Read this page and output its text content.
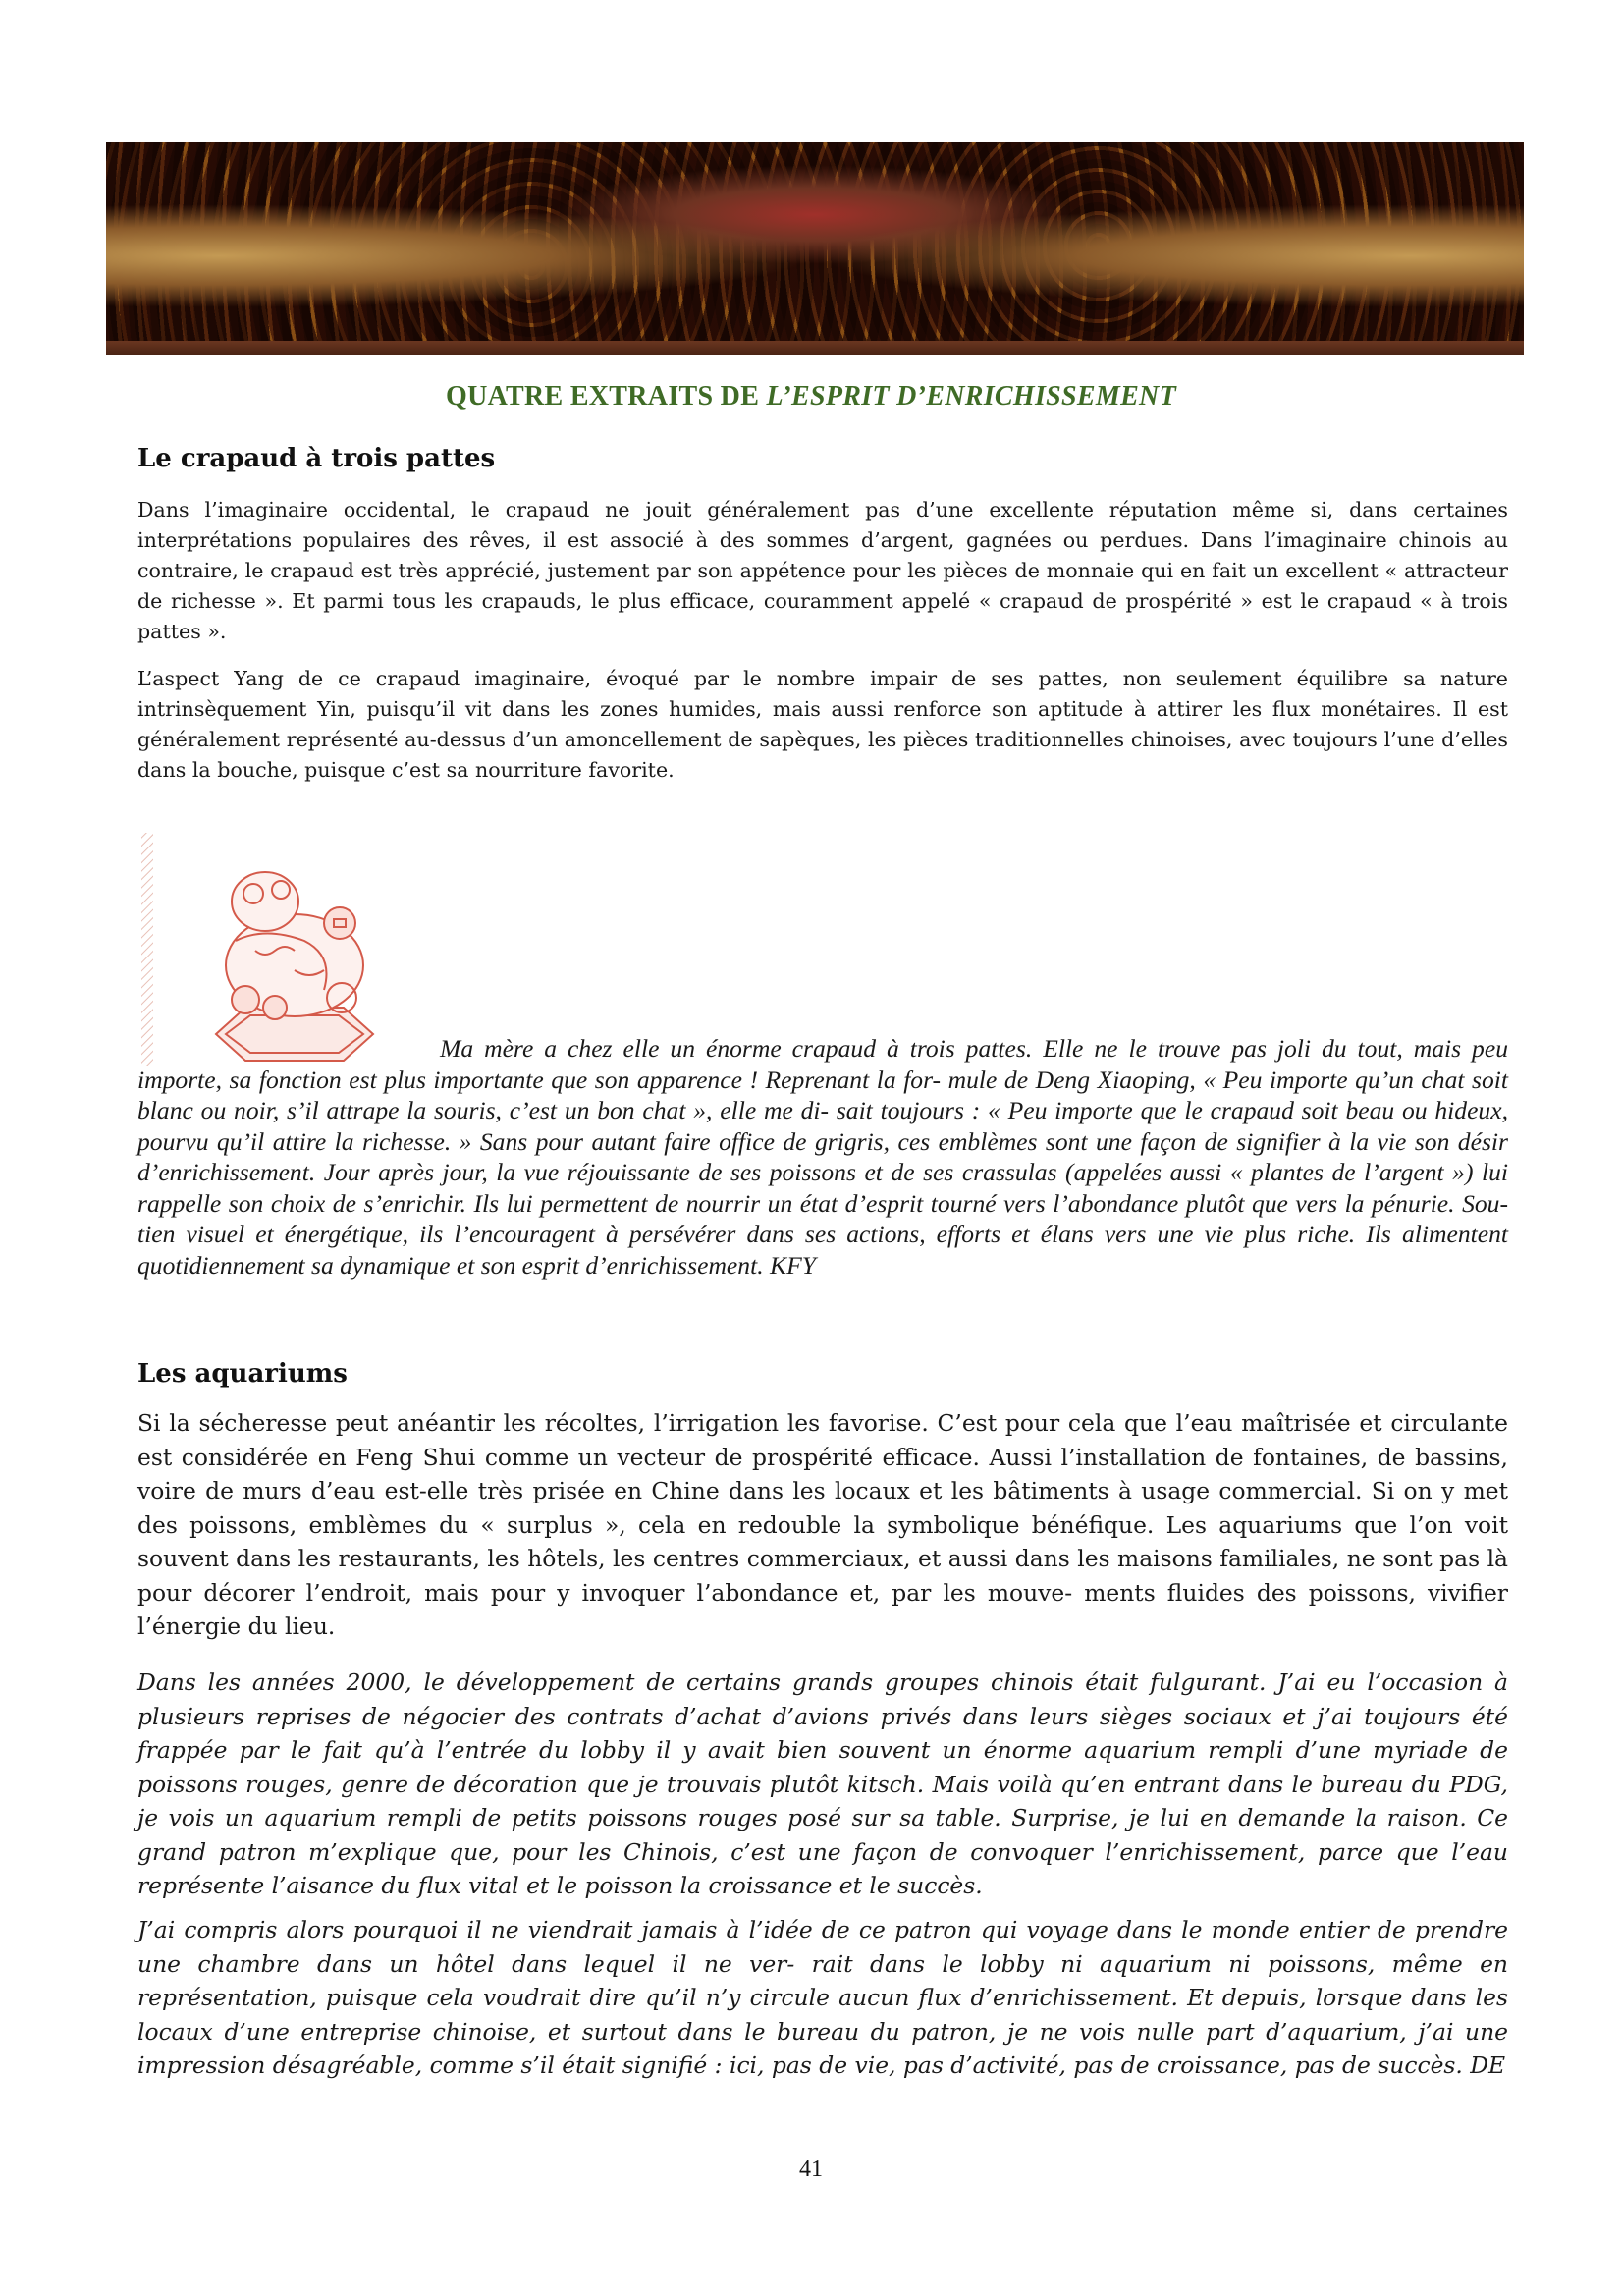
QUATRE EXTRAITS DE L’ESPRIT D’ENRICHISSEMENT
Le crapaud à trois pattes
Dans l’imaginaire occidental, le crapaud ne jouit généralement pas d’une excellente réputation même si, dans certaines interprétations populaires des rêves, il est associé à des sommes d’argent, gagnées ou perdues. Dans l’imaginaire chinois au contraire, le crapaud est très apprécié, justement par son appétence pour les pièces de monnaie qui en fait un excellent « attracteur de richesse ». Et parmi tous les crapauds, le plus efficace, couramment appelé « crapaud de prospérité » est le crapaud « à trois pattes ».
L’aspect Yang de ce crapaud imaginaire, évoqué par le nombre impair de ses pattes, non seulement équilibre sa nature intrinsèquement Yin, puisqu’il vit dans les zones humides, mais aussi renforce son aptitude à attirer les flux monétaires. Il est généralement représenté au-dessus d’un amoncellement de sapèques, les pièces traditionnelles chinoises, avec toujours l’une d’elles dans la bouche, puisque c’est sa nourriture favorite.
Ma mère a chez elle un énorme crapaud à trois pattes. Elle ne le trouve pas joli du tout, mais peu importe, sa fonction est plus importante que son apparence ! Reprenant la for- mule de Deng Xiaoping, « Peu importe qu’un chat soit blanc ou noir, s’il attrape la souris, c’est un bon chat », elle me di- sait toujours : « Peu importe que le crapaud soit beau ou hideux, pourvu qu’il attire la richesse. » Sans pour autant faire office de grigris, ces emblèmes sont une façon de signifier à la vie son désir d’enrichissement. Jour après jour, la vue réjouissante de ses poissons et de ses crassulas (appelées aussi « plantes de l’argent ») lui rappelle son choix de s’enrichir. Ils lui permettent de nourrir un état d’esprit tourné vers l’abondance plutôt que vers la pénurie. Sou- tien visuel et énergétique, ils l’encouragent à persévérer dans ses actions, efforts et élans vers une vie plus riche. Ils alimentent quotidiennement sa dynamique et son esprit d’enrichissement. KFY
Les aquariums
Si la sécheresse peut anéantir les récoltes, l’irrigation les favorise. C’est pour cela que l’eau maîtrisée et circulante est considérée en Feng Shui comme un vecteur de prospérité efficace. Aussi l’installation de fontaines, de bassins, voire de murs d’eau est-elle très prisée en Chine dans les locaux et les bâtiments à usage commercial. Si on y met des poissons, emblèmes du « surplus », cela en redouble la symbolique bénéfique. Les aquariums que l’on voit souvent dans les restaurants, les hôtels, les centres commerciaux, et aussi dans les maisons familiales, ne sont pas là pour décorer l’endroit, mais pour y invoquer l’abondance et, par les mouve- ments fluides des poissons, vivifier l’énergie du lieu.
Dans les années 2000, le développement de certains grands groupes chinois était fulgurant. J’ai eu l’occasion à plusieurs reprises de négocier des contrats d’achat d’avions privés dans leurs sièges sociaux et j’ai toujours été frappée par le fait qu’à l’entrée du lobby il y avait bien souvent un énorme aquarium rempli d’une myriade de poissons rouges, genre de décoration que je trouvais plutôt kitsch. Mais voilà qu’en entrant dans le bureau du PDG, je vois un aquarium rempli de petits poissons rouges posé sur sa table. Surprise, je lui en demande la raison. Ce grand patron m’explique que, pour les Chinois, c’est une façon de convoquer l’enrichissement, parce que l’eau représente l’aisance du flux vital et le poisson la croissance et le succès.
J’ai compris alors pourquoi il ne viendrait jamais à l’idée de ce patron qui voyage dans le monde entier de prendre une chambre dans un hôtel dans lequel il ne ver- rait dans le lobby ni aquarium ni poissons, même en représentation, puisque cela voudrait dire qu’il n’y circule aucun flux d’enrichissement. Et depuis, lorsque dans les locaux d’une entreprise chinoise, et surtout dans le bureau du patron, je ne vois nulle part d’aquarium, j’ai une impression désagréable, comme s’il était signifié : ici, pas de vie, pas d’activité, pas de croissance, pas de succès. DE
41
